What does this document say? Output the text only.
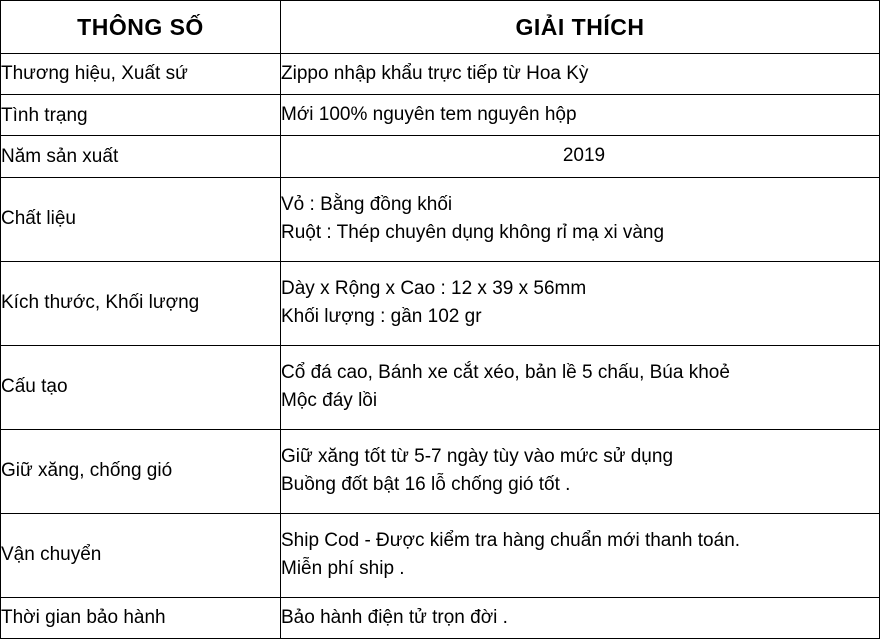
THÔNG SỐ	GIẢI THÍCH
Thương hiệu, Xuất sứ	Zippo nhập khẩu trực tiếp từ Hoa Kỳ

Tình trạng	Mới 100% nguyên tem nguyên hộp

Năm sản xuất	2019

Chất liệu	Vỏ : Bằng đồng khối
Ruột : Thép chuyên dụng không rỉ mạ xi vàng

Kích thước, Khối lượng	Dày x Rộng x Cao : 12 x 39 x 56mm
Khối lượng : gần 102 gr

Cấu tạo	Cổ đá cao, Bánh xe cắt xéo, bản lề 5 chấu, Búa khoẻ
Mộc đáy lồi

Giữ xăng, chống gió	Giữ xăng tốt từ 5-7 ngày tùy vào mức sử dụng
Buồng đốt bật 16 lỗ chống gió tốt .

Vận chuyển	Ship Cod - Được kiểm tra hàng chuẩn mới thanh toán.
Miễn phí ship .

Thời gian bảo hành	Bảo hành điện tử trọn đời .
